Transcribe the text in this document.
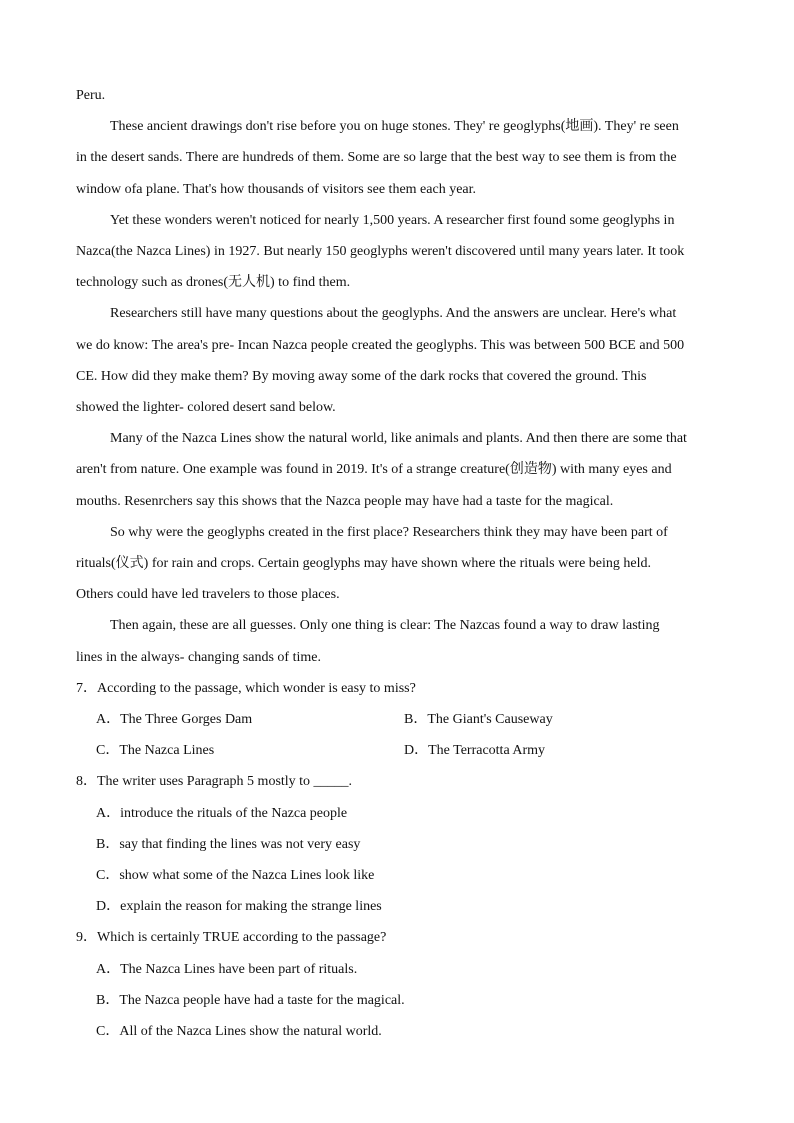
Peru.
These ancient drawings don't rise before you on huge stones. They' re geoglyphs(地画). They' re seen
in the desert sands. There are hundreds of them. Some are so large that the best way to see them is from the
window ofa plane. That's how thousands of visitors see them each year.
Yet these wonders weren't noticed for nearly 1,500 years. A researcher first found some geoglyphs in
Nazca(the Nazca Lines) in 1927. But nearly 150 geoglyphs weren't discovered until many years later. It took
technology such as drones(无人机) to find them.
Researchers still have many questions about the geoglyphs. And the answers are unclear. Here's what
we do know: The area's pre- Incan Nazca people created the geoglyphs. This was between 500 BCE and 500
CE. How did they make them? By moving away some of the dark rocks that covered the ground. This
showed the lighter- colored desert sand below.
Many of the Nazca Lines show the natural world, like animals and plants. And then there are some that
aren't from nature. One example was found in 2019. It's of a strange creature(创造物) with many eyes and
mouths. Resenrchers say this shows that the Nazca people may have had a taste for the magical.
So why were the geoglyphs created in the first place? Researchers think they may have been part of
rituals(仪式) for rain and crops. Certain geoglyphs may have shown where the rituals were being held.
Others could have led travelers to those places.
Then again, these are all guesses. Only one thing is clear: The Nazcas found a way to draw lasting
lines in the always- changing sands of time.
7．According to the passage, which wonder is easy to miss?
A．The Three Gorges Dam	B．The Giant's Causeway
C．The Nazca Lines	D．The Terracotta Army
8．The writer uses Paragraph 5 mostly to _____.
A．introduce the rituals of the Nazca people
B．say that finding the lines was not very easy
C．show what some of the Nazca Lines look like
D．explain the reason for making the strange lines
9．Which is certainly TRUE according to the passage?
A．The Nazca Lines have been part of rituals.
B．The Nazca people have had a taste for the magical.
C．All of the Nazca Lines show the natural world.
